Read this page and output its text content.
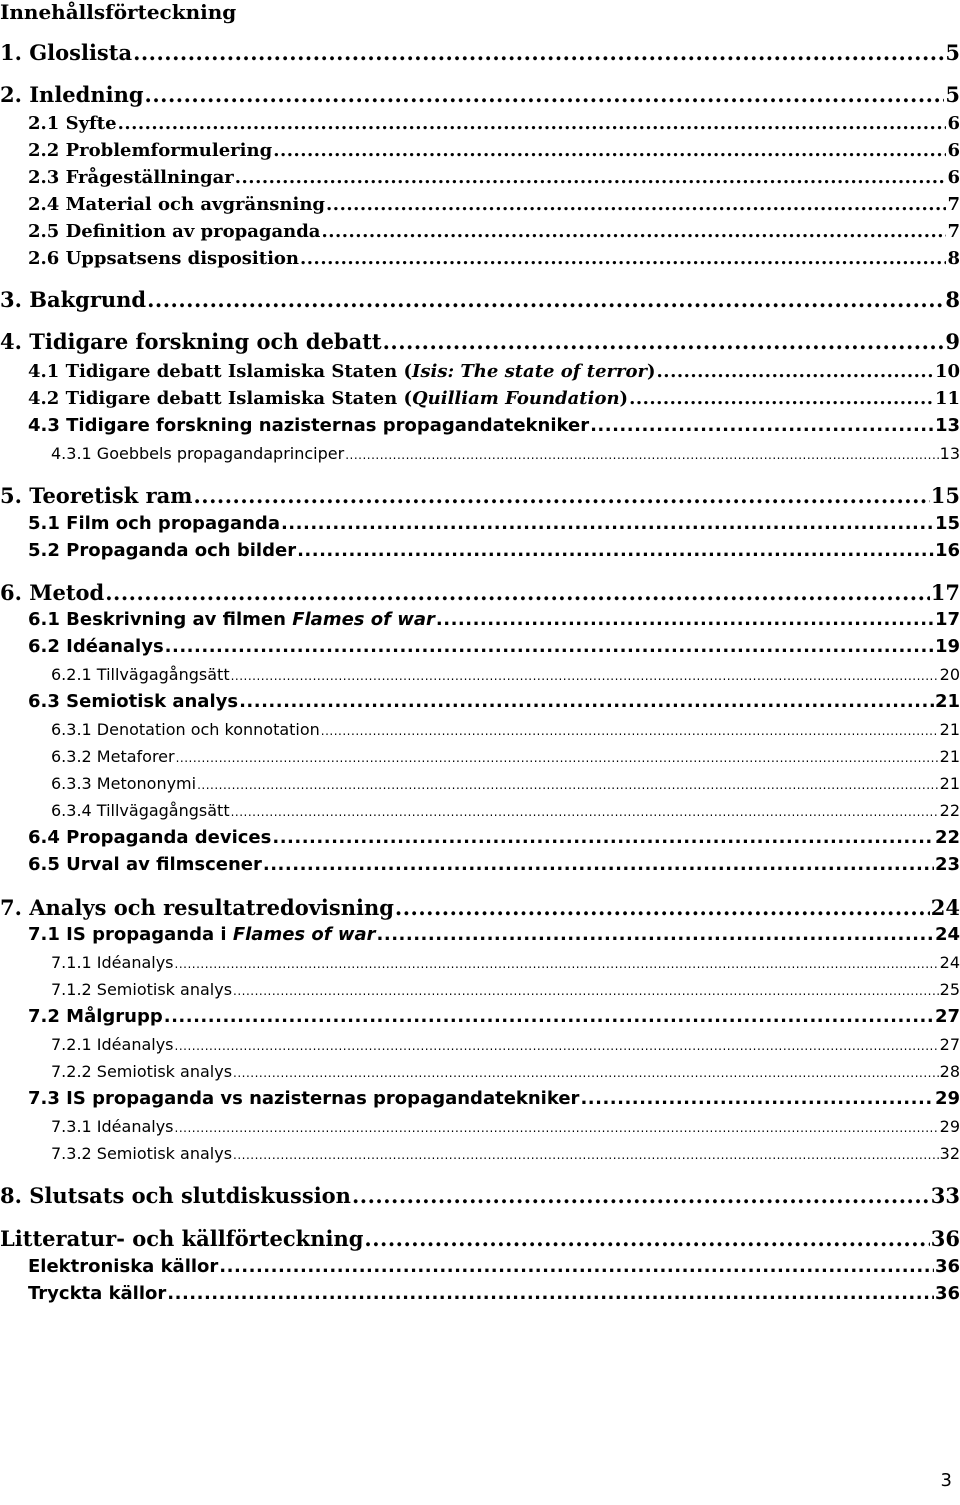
Innehållsförteckning
1. Gloslista .....	5
2. Inledning .....	5
2.1 Syfte .....	6
2.2 Problemformulering .....	6
2.3 Frågeställningar .....	6
2.4 Material och avgränsning .....	7
2.5 Definition av propaganda .....	7
2.6 Uppsatsens disposition .....	8
3. Bakgrund .....	8
4. Tidigare forskning och debatt .....	9
4.1 Tidigare debatt Islamiska Staten (Isis: The state of terror) .....	10
4.2 Tidigare debatt Islamiska Staten (Quilliam Foundation) .....	11
4.3 Tidigare forskning nazisternas propagandatekniker .....	13
4.3.1 Goebbels propagandaprinciper .....	13
5. Teoretisk ram .....	15
5.1 Film och propaganda .....	15
5.2 Propaganda och bilder .....	16
6. Metod .....	17
6.1 Beskrivning av filmen Flames of war .....	17
6.2 Idéanalys .....	19
6.2.1 Tillvägagångsätt .....	20
6.3 Semiotisk analys .....	21
6.3.1 Denotation och konnotation .....	21
6.3.2 Metaforer .....	21
6.3.3 Metononymi .....	21
6.3.4 Tillvägagångsätt .....	22
6.4 Propaganda devices .....	22
6.5 Urval av filmscener .....	23
7. Analys och resultatredovisning .....	24
7.1 IS propaganda i Flames of war .....	24
7.1.1 Idéanalys .....	24
7.1.2 Semiotisk analys .....	25
7.2 Målgrupp .....	27
7.2.1 Idéanalys .....	27
7.2.2 Semiotisk analys .....	28
7.3 IS propaganda vs nazisternas propagandatekniker .....	29
7.3.1 Idéanalys .....	29
7.3.2 Semiotisk analys .....	32
8. Slutsats och slutdiskussion .....	33
Litteratur- och källförteckning .....	36
Elektroniska källor .....	36
Tryckta källor .....	36
3
